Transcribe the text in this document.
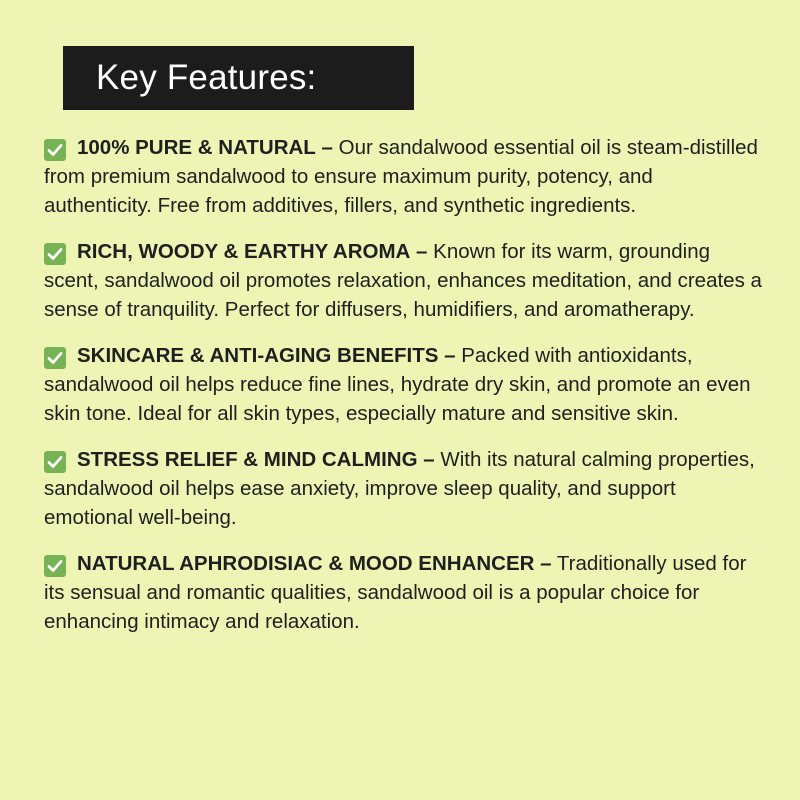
Key Features:

100% PURE & NATURAL – Our sandalwood essential oil is steam-distilled from premium sandalwood to ensure maximum purity, potency, and authenticity. Free from additives, fillers, and synthetic ingredients.

RICH, WOODY & EARTHY AROMA – Known for its warm, grounding scent, sandalwood oil promotes relaxation, enhances meditation, and creates a sense of tranquility. Perfect for diffusers, humidifiers, and aromatherapy.

SKINCARE & ANTI-AGING BENEFITS – Packed with antioxidants, sandalwood oil helps reduce fine lines, hydrate dry skin, and promote an even skin tone. Ideal for all skin types, especially mature and sensitive skin.

STRESS RELIEF & MIND CALMING – With its natural calming properties, sandalwood oil helps ease anxiety, improve sleep quality, and support emotional well-being.

NATURAL APHRODISIAC & MOOD ENHANCER – Traditionally used for its sensual and romantic qualities, sandalwood oil is a popular choice for enhancing intimacy and relaxation.
